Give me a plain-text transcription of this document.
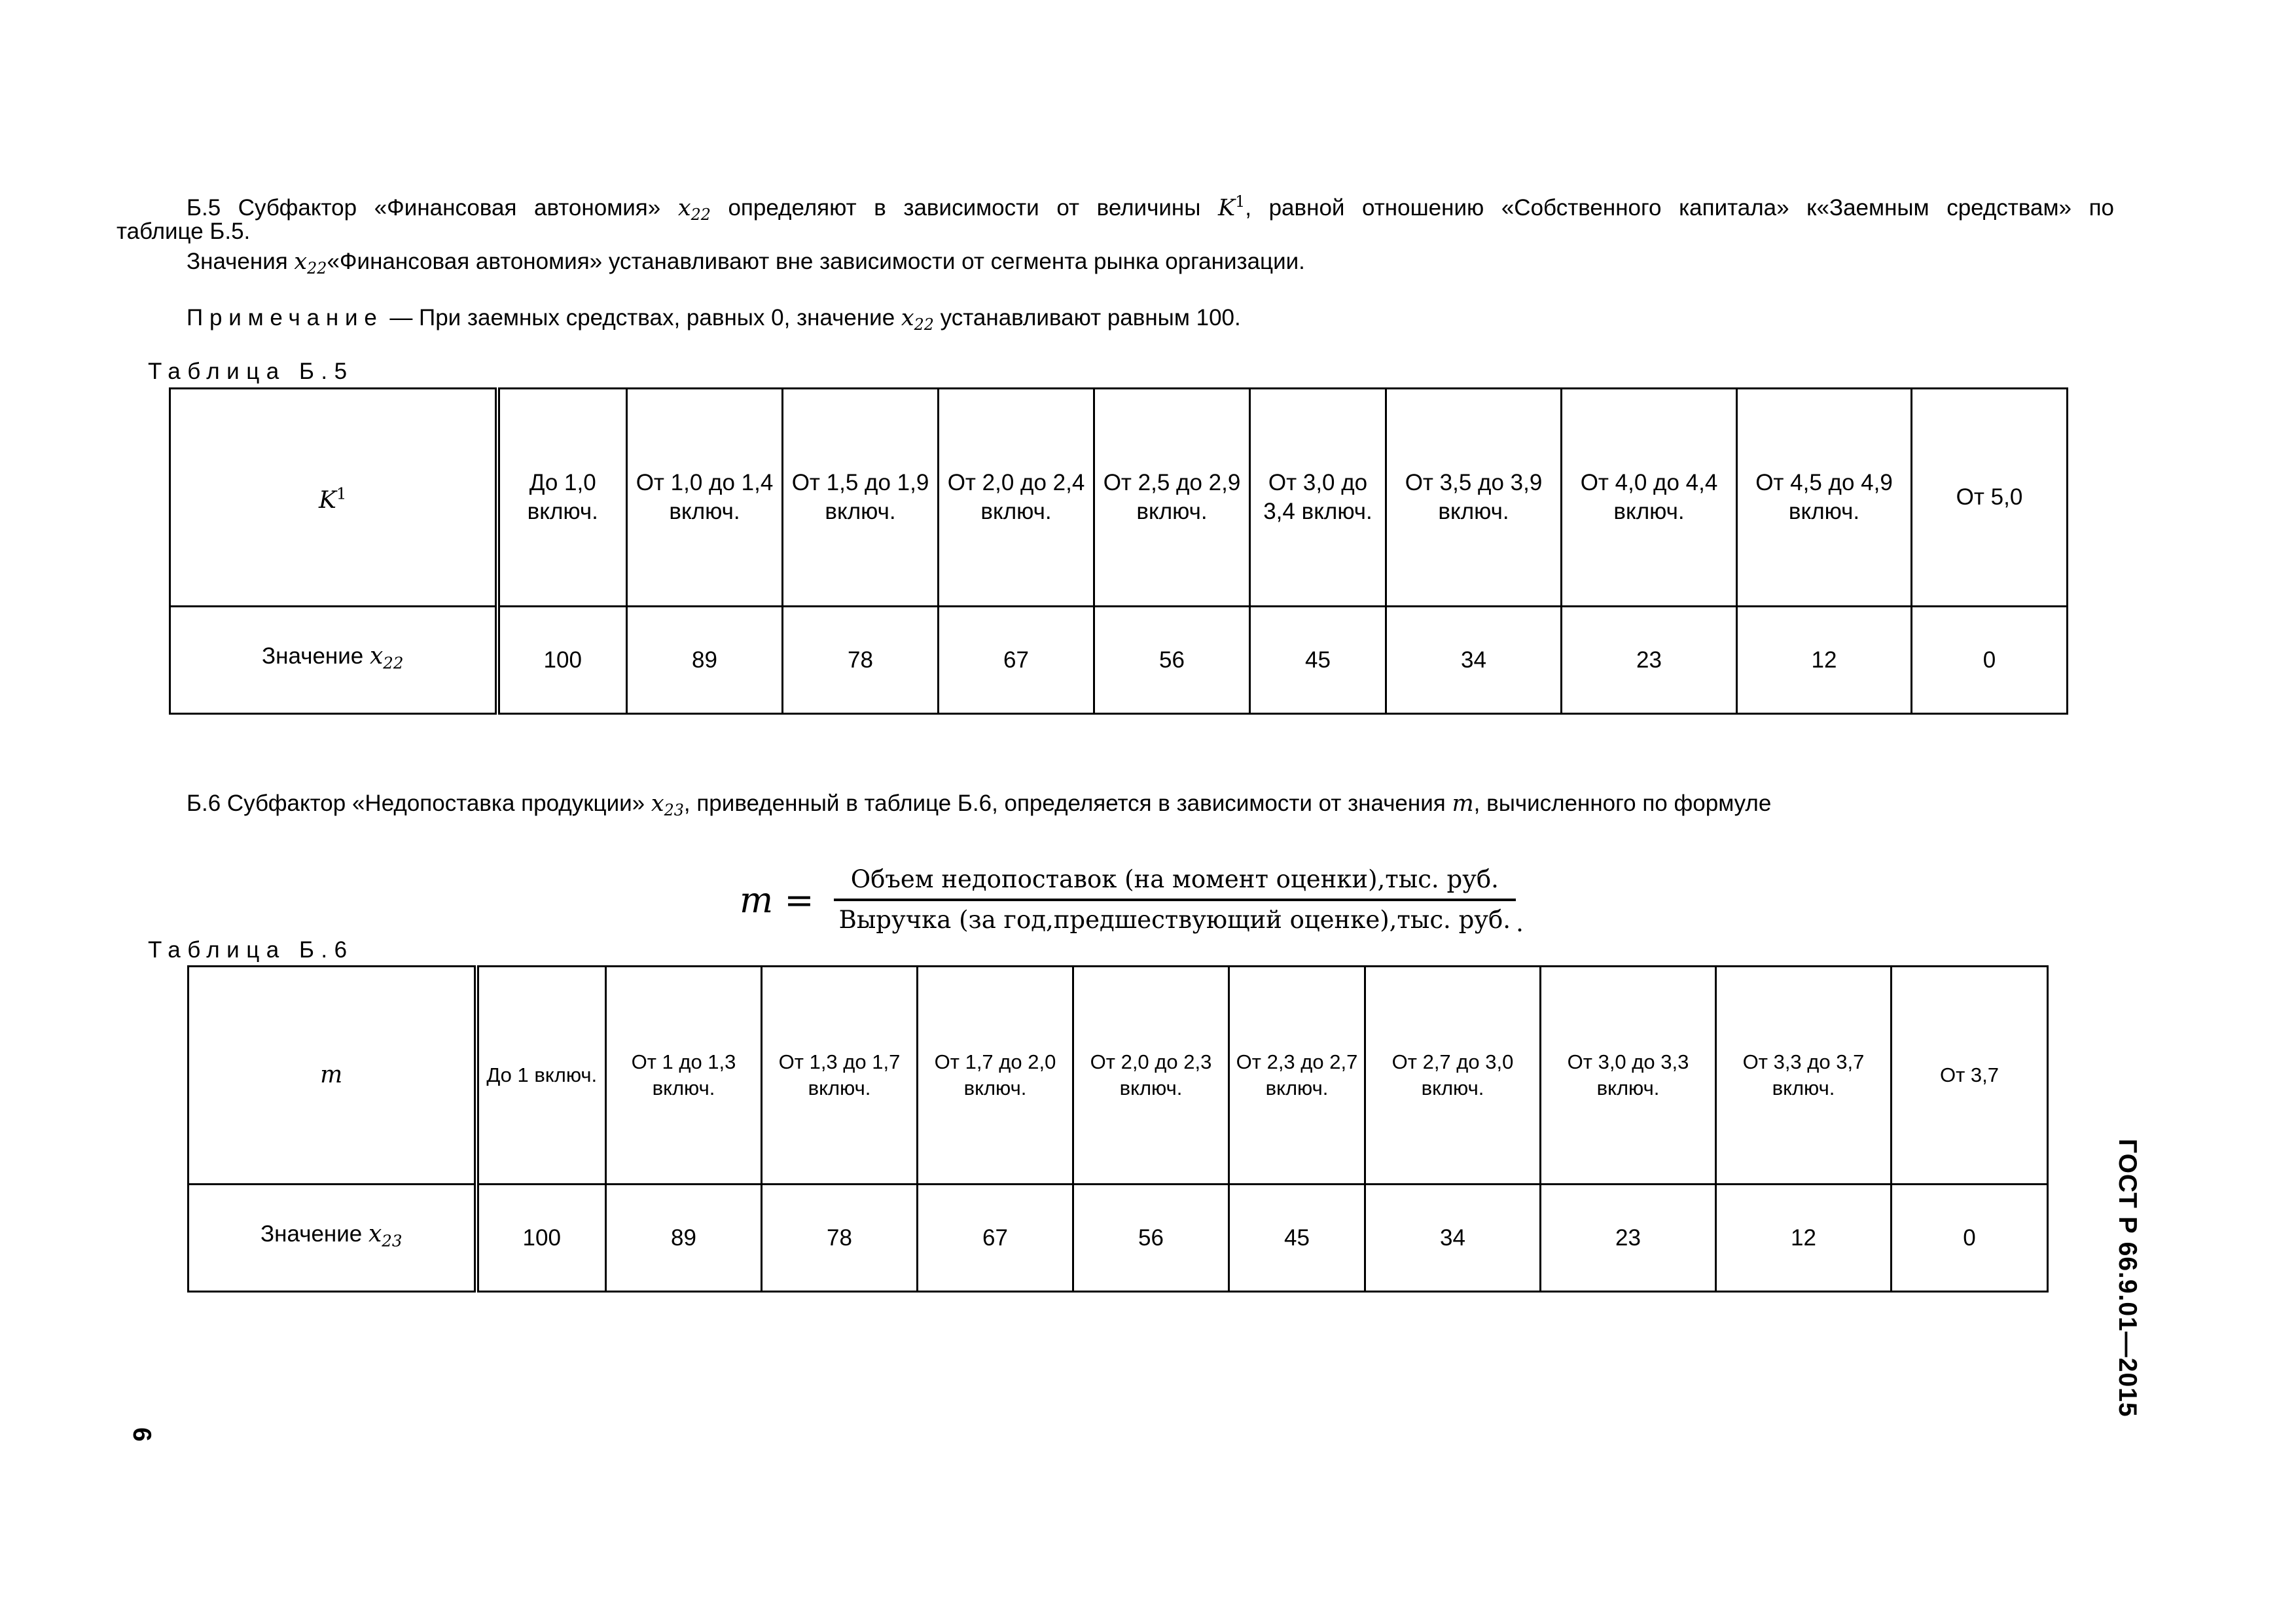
Б.5 Субфактор «Финансовая автономия» $x_{22}$ определяют в зависимости от величины $K^1$, равной отношению «Собственного капитала» к«Заемным средствам» по
таблице Б.5.
Значения $x_{22}«Финансовая$ автономия» устанавливают вне зависимости от сегмента рынка организации.
Примечание — При заемных средствах, равных 0, значение $x_{22}$ устанавливают равным 100.
Таблица Б.5
$K^1$	До 1,0 включ.	От 1,0 до 1,4 включ.	От 1,5 до 1,9 включ.	От 2,0 до 2,4 включ.	От 2,5 до 2,9 включ.	От 3,0 до 3,4 включ.	От 3,5 до 3,9 включ.	От 4,0 до 4,4 включ.	От 4,5 до 4,9 включ.	От 5,0
Значение $x_{22}$	100	89	78	67	56	45	34	23	12	0
Б.6 Субфактор «Недопоставка продукции» $x_{23}$, приведенный в таблице Б.6, определяется в зависимости от значения m, вычисленного по формуле
$m = \frac{\text{Объем недопоставок (на момент оценки),тыс. руб.}}{\text{Выручка (за год,предшествующий оценке),тыс. руб.}}$ .
Таблица Б.6
m	До 1 включ.	От 1 до 1,3 включ.	От 1,3 до 1,7 включ.	От 1,7 до 2,0 включ.	От 2,0 до 2,3 включ.	От 2,3 до 2,7 включ.	От 2,7 до 3,0 включ.	От 3,0 до 3,3 включ.	От 3,3 до 3,7 включ.	От 3,7
Значение $x_{23}$	100	89	78	67	56	45	34	23	12	0	ГОСТ Р 66.9.01—2015
6
